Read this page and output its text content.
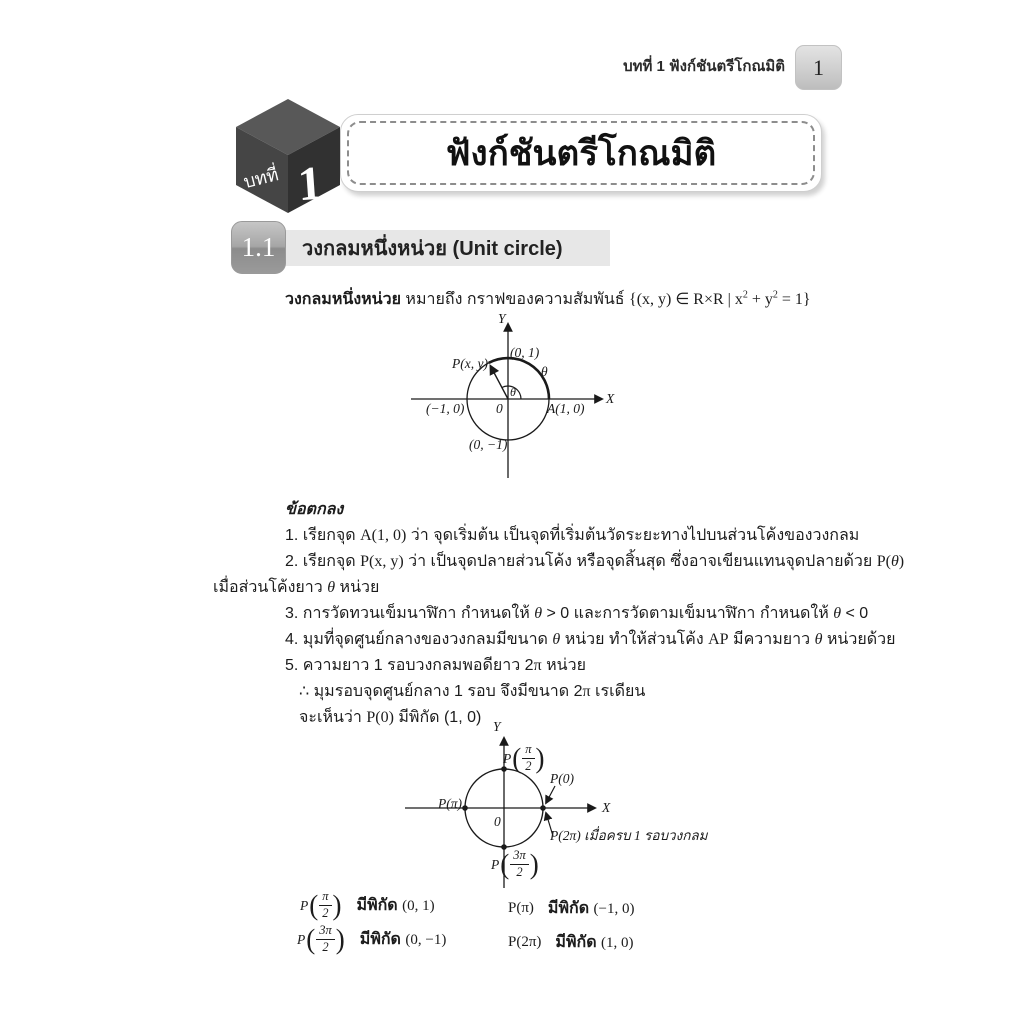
บทที่ 1 ฟังก์ชันตรีโกณมิติ 1
บทที่ 1
ฟังก์ชันตรีโกณมิติ
วงกลมหนึ่งหน่วย (Unit circle)
1.1
วงกลมหนึ่งหน่วย หมายถึง กราฟของความสัมพันธ์ {(x, y) ∈ R×R | $x^2 + y^2 = 1$}
Y
X
(0, 1)
P(x, y)
θ
θ
(−1, 0) 0	A(1, 0)
(0, −1)
ข้อตกลง
1. เรียกจุด A(1, 0) ว่า จุดเริ่มต้น เป็นจุดที่เริ่มต้นวัดระยะทางไปบนส่วนโค้งของวงกลม
2. เรียกจุด P(x, y) ว่า เป็นจุดปลายส่วนโค้ง หรือจุดสิ้นสุด ซึ่งอาจเขียนแทนจุดปลายด้วย P(θ)
เมื่อส่วนโค้งยาว θ หน่วย
3. การวัดทวนเข็มนาฬิกา กำหนดให้ θ > 0 และการวัดตามเข็มนาฬิกา กำหนดให้ θ < 0
4. มุมที่จุดศูนย์กลางของวงกลมมีขนาด θ หน่วย ทำให้ส่วนโค้ง AP มีความยาว θ หน่วยด้วย
5. ความยาว 1 รอบวงกลมพอดียาว 2π หน่วย
∴ มุมรอบจุดศูนย์กลาง 1 รอบ จึงมีขนาด 2π เรเดียน
จะเห็นว่า P(0) มีพิกัด (1, 0)
Y
X
0
P ( π
2 )
P(π)
P(0)
P(2π) เมื่อครบ 1 รอบวงกลม
P ( 3π
2 )
P ( π
2 ) มีพิกัด (0, 1)	P(π) มีพิกัด (−1, 0)
P ( 3π
2 ) มีพิกัด (0, −1)	P(2π) มีพิกัด (1, 0)
